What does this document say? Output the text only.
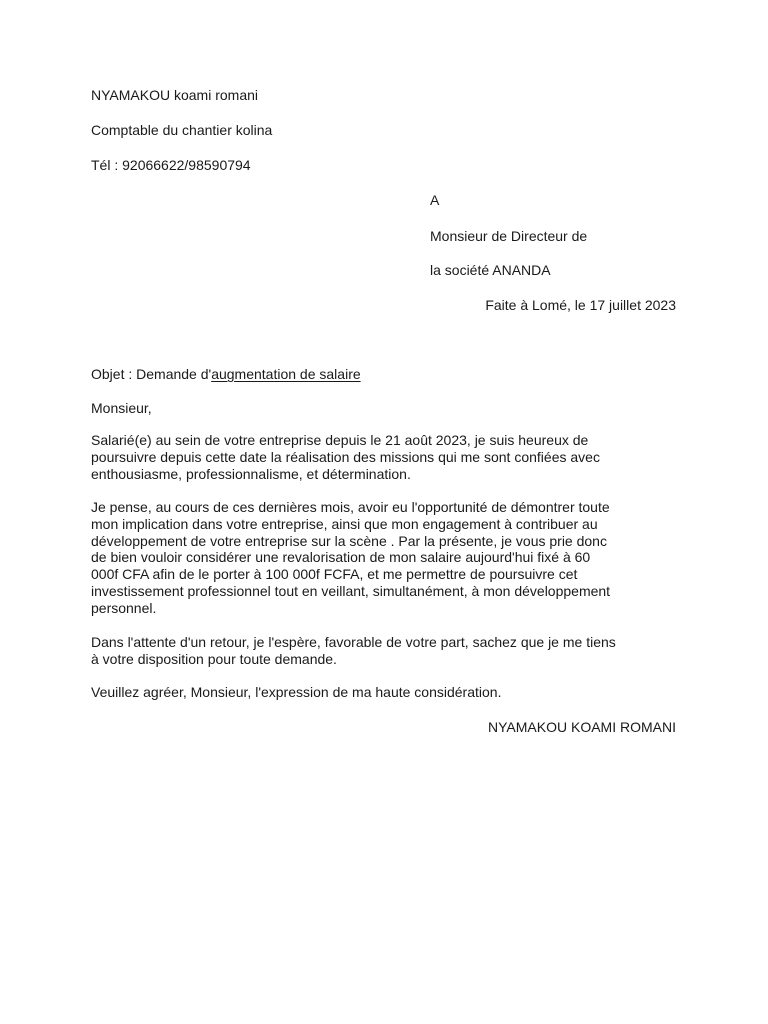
NYAMAKOU koami romani
Comptable du chantier kolina
Tél : 92066622/98590794
A
Monsieur de Directeur de
la société ANANDA
Faite à Lomé, le 17 juillet 2023
Objet : Demande d'augmentation de salaire
Monsieur,
Salarié(e) au sein de votre entreprise depuis le 21 août 2023, je suis heureux de
poursuivre depuis cette date la réalisation des missions qui me sont confiées avec
enthousiasme, professionnalisme, et détermination.
Je pense, au cours de ces dernières mois, avoir eu l'opportunité de démontrer toute
mon implication dans votre entreprise, ainsi que mon engagement à contribuer au
développement de votre entreprise sur la scène . Par la présente, je vous prie donc
de bien vouloir considérer une revalorisation de mon salaire aujourd'hui fixé à 60
000f CFA afin de le porter à 100 000f FCFA, et me permettre de poursuivre cet
investissement professionnel tout en veillant, simultanément, à mon développement
personnel.
Dans l'attente d'un retour, je l'espère, favorable de votre part, sachez que je me tiens
à votre disposition pour toute demande.
Veuillez agréer, Monsieur, l'expression de ma haute considération.
NYAMAKOU KOAMI ROMANI
